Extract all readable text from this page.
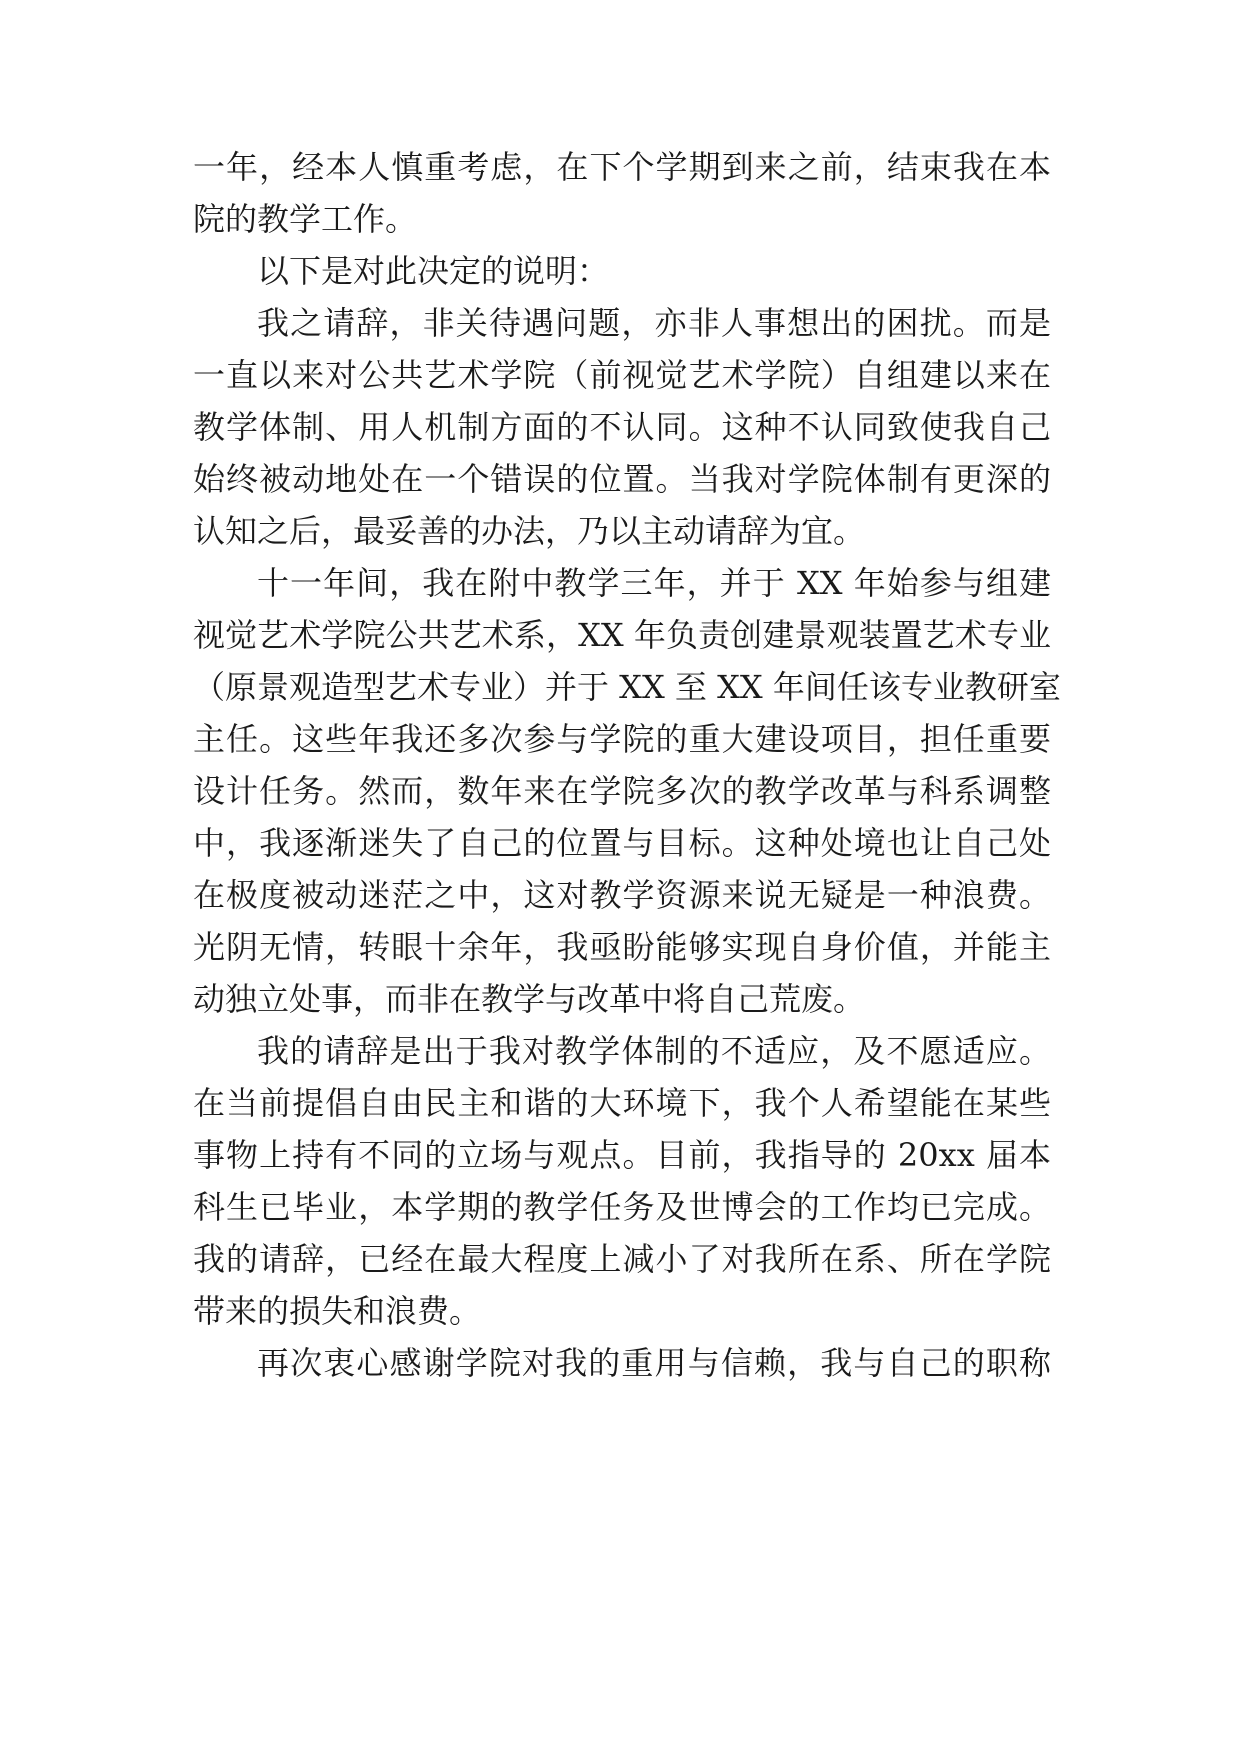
一年，经本人慎重考虑，在下个学期到来之前，结束我在本
院的教学工作。
以下是对此决定的说明：
我之请辞，非关待遇问题，亦非人事想出的困扰。而是
一直以来对公共艺术学院（前视觉艺术学院）自组建以来在
教学体制、用人机制方面的不认同。这种不认同致使我自己
始终被动地处在一个错误的位置。当我对学院体制有更深的
认知之后，最妥善的办法，乃以主动请辞为宜。
十一年间，我在附中教学三年，并于 XX 年始参与组建
视觉艺术学院公共艺术系，XX 年负责创建景观装置艺术专业
（原景观造型艺术专业）并于 XX 至 XX 年间任该专业教研室
主任。这些年我还多次参与学院的重大建设项目，担任重要
设计任务。然而，数年来在学院多次的教学改革与科系调整
中，我逐渐迷失了自己的位置与目标。这种处境也让自己处
在极度被动迷茫之中，这对教学资源来说无疑是一种浪费。
光阴无情，转眼十余年，我亟盼能够实现自身价值，并能主
动独立处事，而非在教学与改革中将自己荒废。
我的请辞是出于我对教学体制的不适应，及不愿适应。
在当前提倡自由民主和谐的大环境下，我个人希望能在某些
事物上持有不同的立场与观点。目前，我指导的 20xx 届本
科生已毕业，本学期的教学任务及世博会的工作均已完成。
我的请辞，已经在最大程度上减小了对我所在系、所在学院
带来的损失和浪费。
再次衷心感谢学院对我的重用与信赖，我与自己的职称
